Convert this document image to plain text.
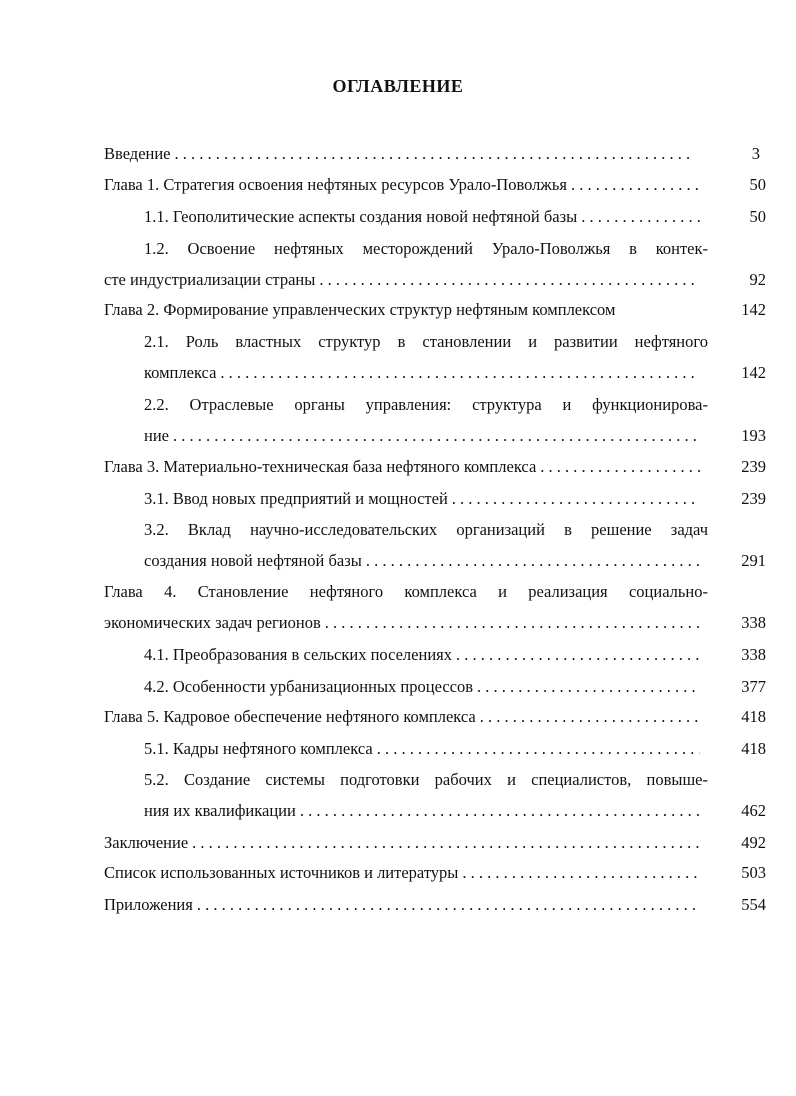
ОГЛАВЛЕНИЕ
Введение . . .	3
Глава 1. Стратегия освоения нефтяных ресурсов Урало-Поволжья . . .	50
1.1. Геополитические аспекты создания новой нефтяной базы . . .	50
1.2. Освоение нефтяных месторождений Урало-Поволжья в контек-
сте индустриализации страны . . .	92
Глава 2. Формирование управленческих структур нефтяным комплексом	142
2.1. Роль властных структур в становлении и развитии нефтяного
комплекса . . .	142
2.2. Отраслевые органы управления: структура и функционирова-
ние . . .	193
Глава 3. Материально-техническая база нефтяного комплекса . . .	239
3.1. Ввод новых предприятий и мощностей . . .	239
3.2. Вклад научно-исследовательских организаций в решение задач
создания новой нефтяной базы . . .	291
Глава 4. Становление нефтяного комплекса и реализация социально-
экономических задач регионов . . .	338
4.1. Преобразования в сельских поселениях . . .	338
4.2. Особенности урбанизационных процессов . . .	377
Глава 5. Кадровое обеспечение нефтяного комплекса . . .	418
5.1. Кадры нефтяного комплекса . . .	418
5.2. Создание системы подготовки рабочих и специалистов, повыше-
ния их квалификации . . .	462
Заключение . . .	492
Список использованных источников и литературы . . .	503
Приложения . . .	554
